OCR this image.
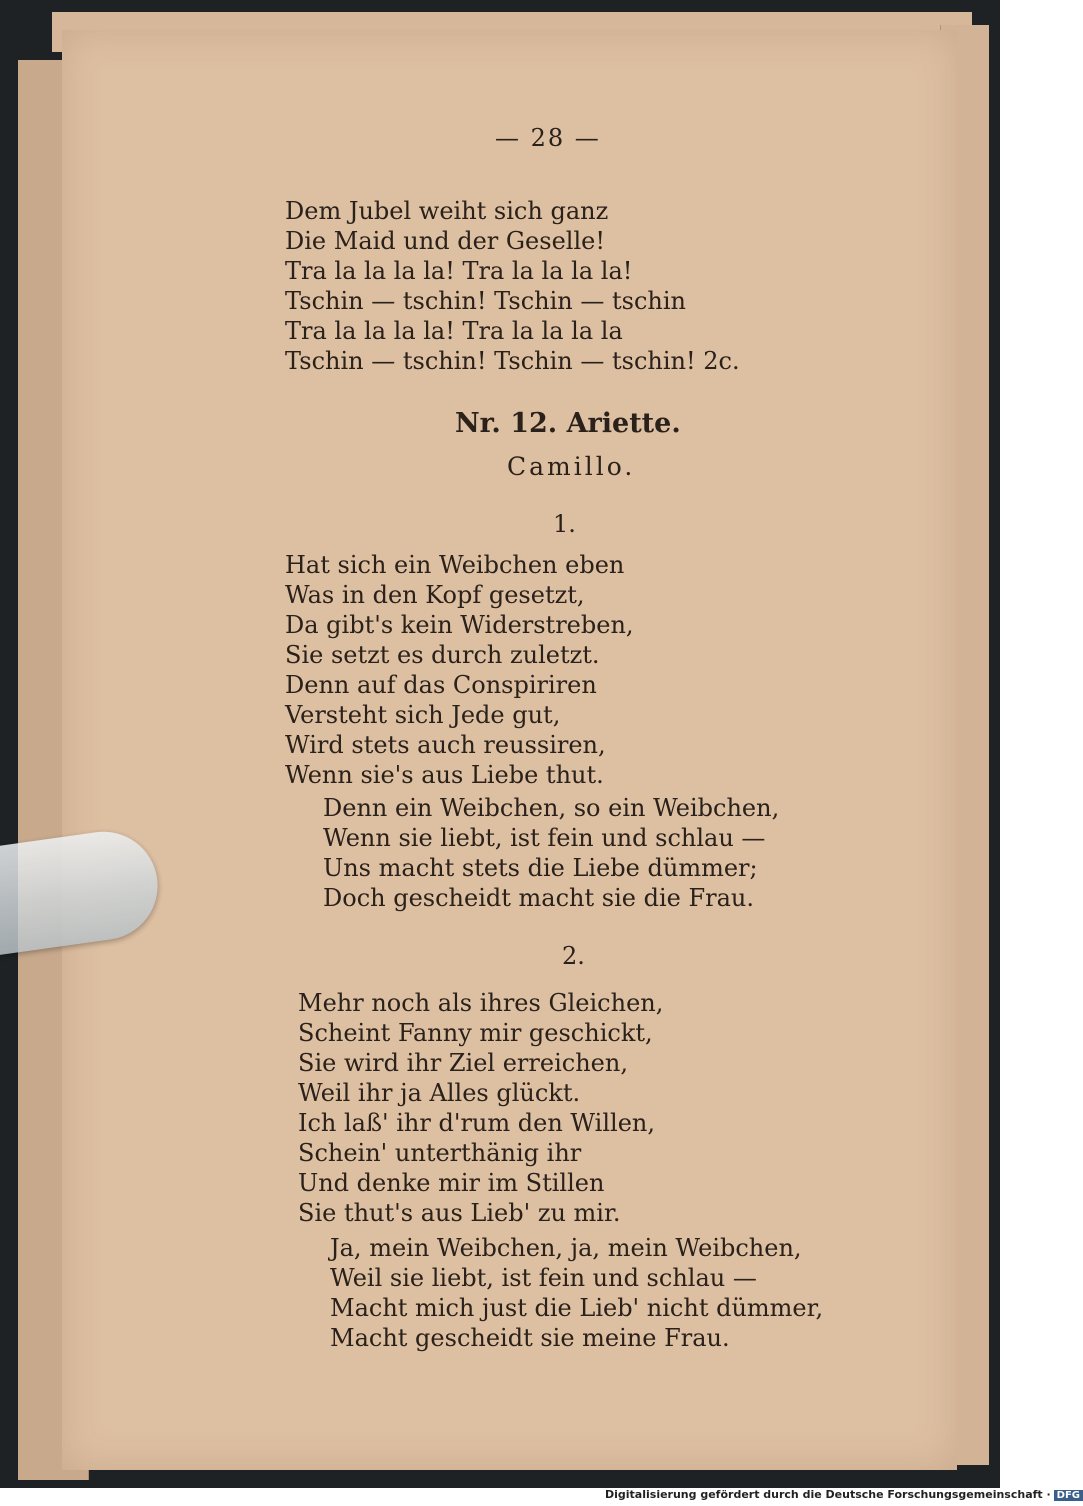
— 28 —
Dem Jubel weiht sich ganz
Die Maid und der Geselle!
Tra la la la la! Tra la la la la!
Tschin — tschin! Tschin — tschin
Tra la la la la! Tra la la la la
Tschin — tschin! Tschin — tschin! 2c.
Nr. 12. Ariette.
Camillo.
1.
Hat sich ein Weibchen eben
Was in den Kopf gesetzt,
Da gibt's kein Widerstreben,
Sie setzt es durch zuletzt.
Denn auf das Conspiriren
Versteht sich Jede gut,
Wird stets auch reussiren,
Wenn sie's aus Liebe thut.
Denn ein Weibchen, so ein Weibchen,
Wenn sie liebt, ist fein und schlau —
Uns macht stets die Liebe dümmer;
Doch gescheidt macht sie die Frau.
2.
Mehr noch als ihres Gleichen,
Scheint Fanny mir geschickt,
Sie wird ihr Ziel erreichen,
Weil ihr ja Alles glückt.
Ich laß' ihr d'rum den Willen,
Schein' unterthänig ihr
Und denke mir im Stillen
Sie thut's aus Lieb' zu mir.
Ja, mein Weibchen, ja, mein Weibchen,
Weil sie liebt, ist fein und schlau —
Macht mich just die Lieb' nicht dümmer,
Macht gescheidt sie meine Frau.
Digitalisierung gefördert durch die Deutsche Forschungsgemeinschaft · DFG
